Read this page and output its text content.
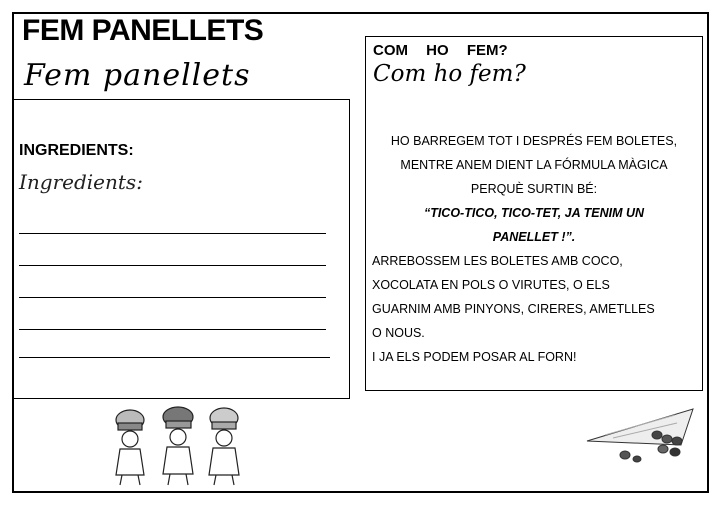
FEM PANELLETS
Fem panellets
INGREDIENTS:
Ingredients:
COM HO FEM?
Com ho fem?
HO BARREGEM TOT I DESPRÉS FEM BOLETES,
MENTRE ANEM DIENT LA FÓRMULA MÀGICA
PERQUÈ SURTIN BÉ:
“TICO-TICO, TICO-TET, JA TENIM UN
PANELLET !”.
ARREBOSSEM LES BOLETES AMB COCO,
XOCOLATA EN POLS O VIRUTES, O ELS
GUARNIM AMB PINYONS, CIRERES, AMETLLES
O NOUS.
I JA ELS PODEM POSAR AL FORN!
